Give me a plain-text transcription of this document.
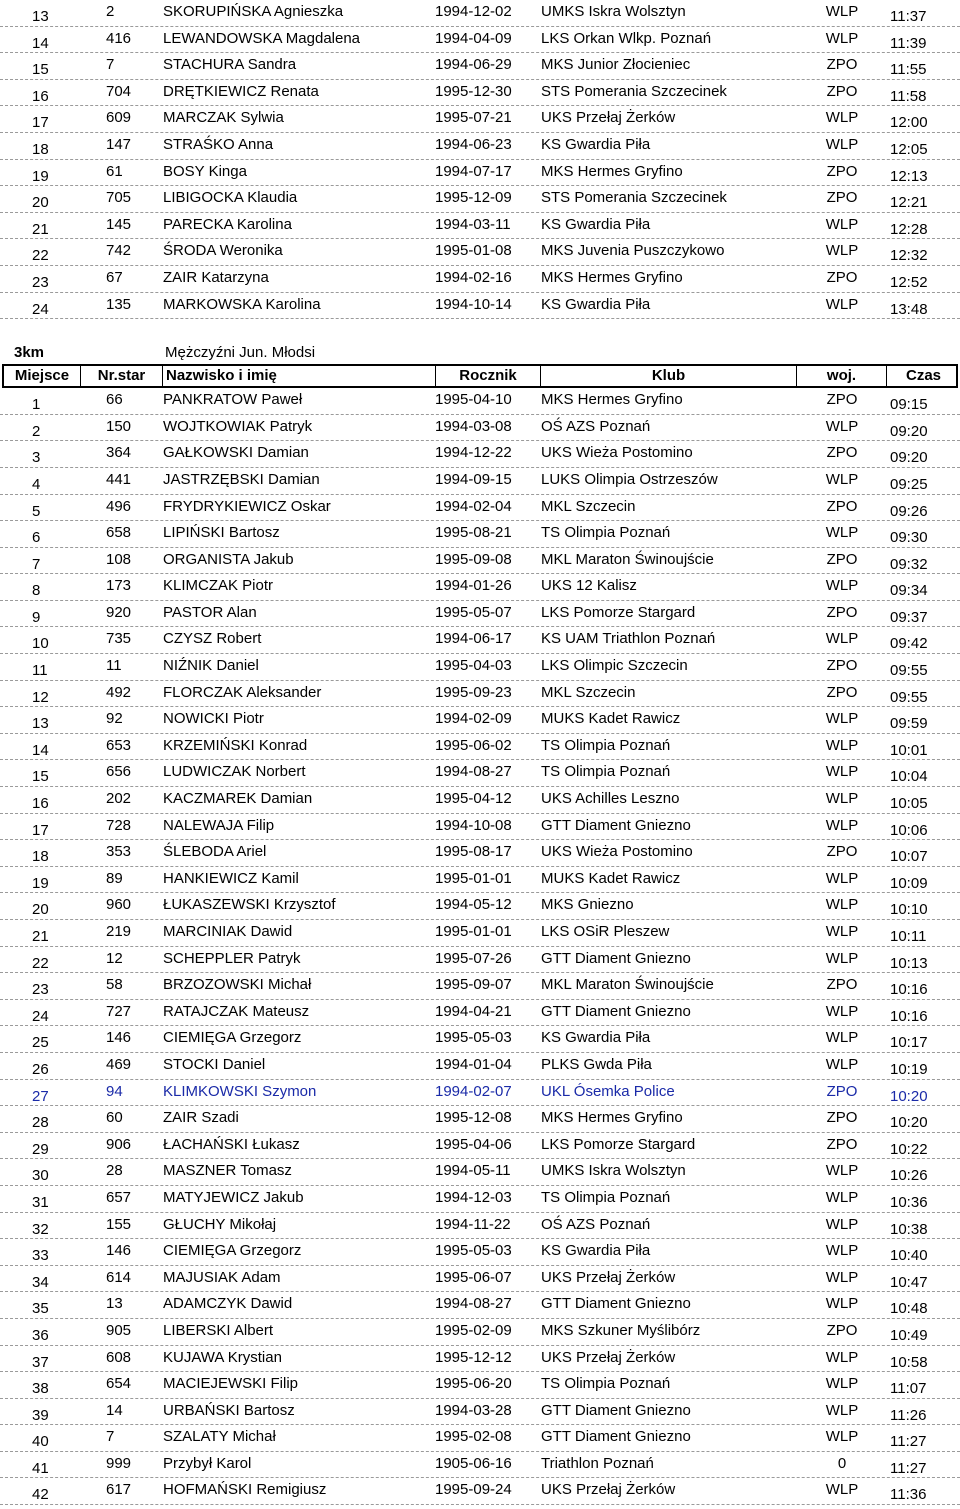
13	2	SKORUPIŃSKA Agnieszka	1994-12-02	UMKS Iskra Wolsztyn	WLP	11:37
14	416	LEWANDOWSKA Magdalena	1994-04-09	LKS Orkan Wlkp. Poznań	WLP	11:39
15	7	STACHURA Sandra	1994-06-29	MKS Junior Złocieniec	ZPO	11:55
16	704	DRĘTKIEWICZ Renata	1995-12-30	STS Pomerania Szczecinek	ZPO	11:58
17	609	MARCZAK Sylwia	1995-07-21	UKS Przełaj Żerków	WLP	12:00
18	147	STRAŚKO Anna	1994-06-23	KS Gwardia Piła	WLP	12:05
19	61	BOSY Kinga	1994-07-17	MKS Hermes Gryfino	ZPO	12:13
20	705	LIBIGOCKA Klaudia	1995-12-09	STS Pomerania Szczecinek	ZPO	12:21
21	145	PARECKA Karolina	1994-03-11	KS Gwardia Piła	WLP	12:28
22	742	ŚRODA Weronika	1995-01-08	MKS Juvenia Puszczykowo	WLP	12:32
23	67	ZAIR Katarzyna	1994-02-16	MKS Hermes Gryfino	ZPO	12:52
24	135	MARKOWSKA Karolina	1994-10-14	KS Gwardia Piła	WLP	13:48
3km	Mężczyźni Jun. Młodsi
Miejsce	Nr.star	Nazwisko i imię	Rocznik	Klub	woj.	Czas
1	66	PANKRATOW Paweł	1995-04-10	MKS Hermes Gryfino	ZPO	09:15
2	150	WOJTKOWIAK Patryk	1994-03-08	OŚ AZS Poznań	WLP	09:20
3	364	GAŁKOWSKI Damian	1994-12-22	UKS Wieża Postomino	ZPO	09:20
4	441	JASTRZĘBSKI Damian	1994-09-15	LUKS Olimpia Ostrzeszów	WLP	09:25
5	496	FRYDRYKIEWICZ Oskar	1994-02-04	MKL Szczecin	ZPO	09:26
6	658	LIPIŃSKI Bartosz	1995-08-21	TS Olimpia Poznań	WLP	09:30
7	108	ORGANISTA Jakub	1995-09-08	MKL Maraton Świnoujście	ZPO	09:32
8	173	KLIMCZAK Piotr	1994-01-26	UKS 12 Kalisz	WLP	09:34
9	920	PASTOR Alan	1995-05-07	LKS Pomorze Stargard	ZPO	09:37
10	735	CZYSZ Robert	1994-06-17	KS UAM Triathlon Poznań	WLP	09:42
11	11	NIŹNIK Daniel	1995-04-03	LKS Olimpic Szczecin	ZPO	09:55
12	492	FLORCZAK Aleksander	1995-09-23	MKL Szczecin	ZPO	09:55
13	92	NOWICKI Piotr	1994-02-09	MUKS Kadet Rawicz	WLP	09:59
14	653	KRZEMIŃSKI Konrad	1995-06-02	TS Olimpia Poznań	WLP	10:01
15	656	LUDWICZAK Norbert	1994-08-27	TS Olimpia Poznań	WLP	10:04
16	202	KACZMAREK Damian	1995-04-12	UKS Achilles Leszno	WLP	10:05
17	728	NALEWAJA Filip	1994-10-08	GTT Diament Gniezno	WLP	10:06
18	353	ŚLEBODA Ariel	1995-08-17	UKS Wieża Postomino	ZPO	10:07
19	89	HANKIEWICZ Kamil	1995-01-01	MUKS Kadet Rawicz	WLP	10:09
20	960	ŁUKASZEWSKI Krzysztof	1994-05-12	MKS Gniezno	WLP	10:10
21	219	MARCINIAK Dawid	1995-01-01	LKS OSiR Pleszew	WLP	10:11
22	12	SCHEPPLER Patryk	1995-07-26	GTT Diament Gniezno	WLP	10:13
23	58	BRZOZOWSKI Michał	1995-09-07	MKL Maraton Świnoujście	ZPO	10:16
24	727	RATAJCZAK Mateusz	1994-04-21	GTT Diament Gniezno	WLP	10:16
25	146	CIEMIĘGA Grzegorz	1995-05-03	KS Gwardia Piła	WLP	10:17
26	469	STOCKI Daniel	1994-01-04	PLKS Gwda Piła	WLP	10:19
27	94	KLIMKOWSKI Szymon	1994-02-07	UKL Ósemka Police	ZPO	10:20
28	60	ZAIR Szadi	1995-12-08	MKS Hermes Gryfino	ZPO	10:20
29	906	ŁACHAŃSKI Łukasz	1995-04-06	LKS Pomorze Stargard	ZPO	10:22
30	28	MASZNER Tomasz	1994-05-11	UMKS Iskra Wolsztyn	WLP	10:26
31	657	MATYJEWICZ Jakub	1994-12-03	TS Olimpia Poznań	WLP	10:36
32	155	GŁUCHY Mikołaj	1994-11-22	OŚ AZS Poznań	WLP	10:38
33	146	CIEMIĘGA Grzegorz	1995-05-03	KS Gwardia Piła	WLP	10:40
34	614	MAJUSIAK Adam	1995-06-07	UKS Przełaj Żerków	WLP	10:47
35	13	ADAMCZYK Dawid	1994-08-27	GTT Diament Gniezno	WLP	10:48
36	905	LIBERSKI Albert	1995-02-09	MKS Szkuner Myślibórz	ZPO	10:49
37	608	KUJAWA Krystian	1995-12-12	UKS Przełaj Żerków	WLP	10:58
38	654	MACIEJEWSKI Filip	1995-06-20	TS Olimpia Poznań	WLP	11:07
39	14	URBAŃSKI Bartosz	1994-03-28	GTT Diament Gniezno	WLP	11:26
40	7	SZALATY Michał	1995-02-08	GTT Diament Gniezno	WLP	11:27
41	999	Przybył Karol	1905-06-16	Triathlon Poznań	0	11:27
42	617	HOFMAŃSKI Remigiusz	1995-09-24	UKS Przełaj Żerków	WLP	11:36
